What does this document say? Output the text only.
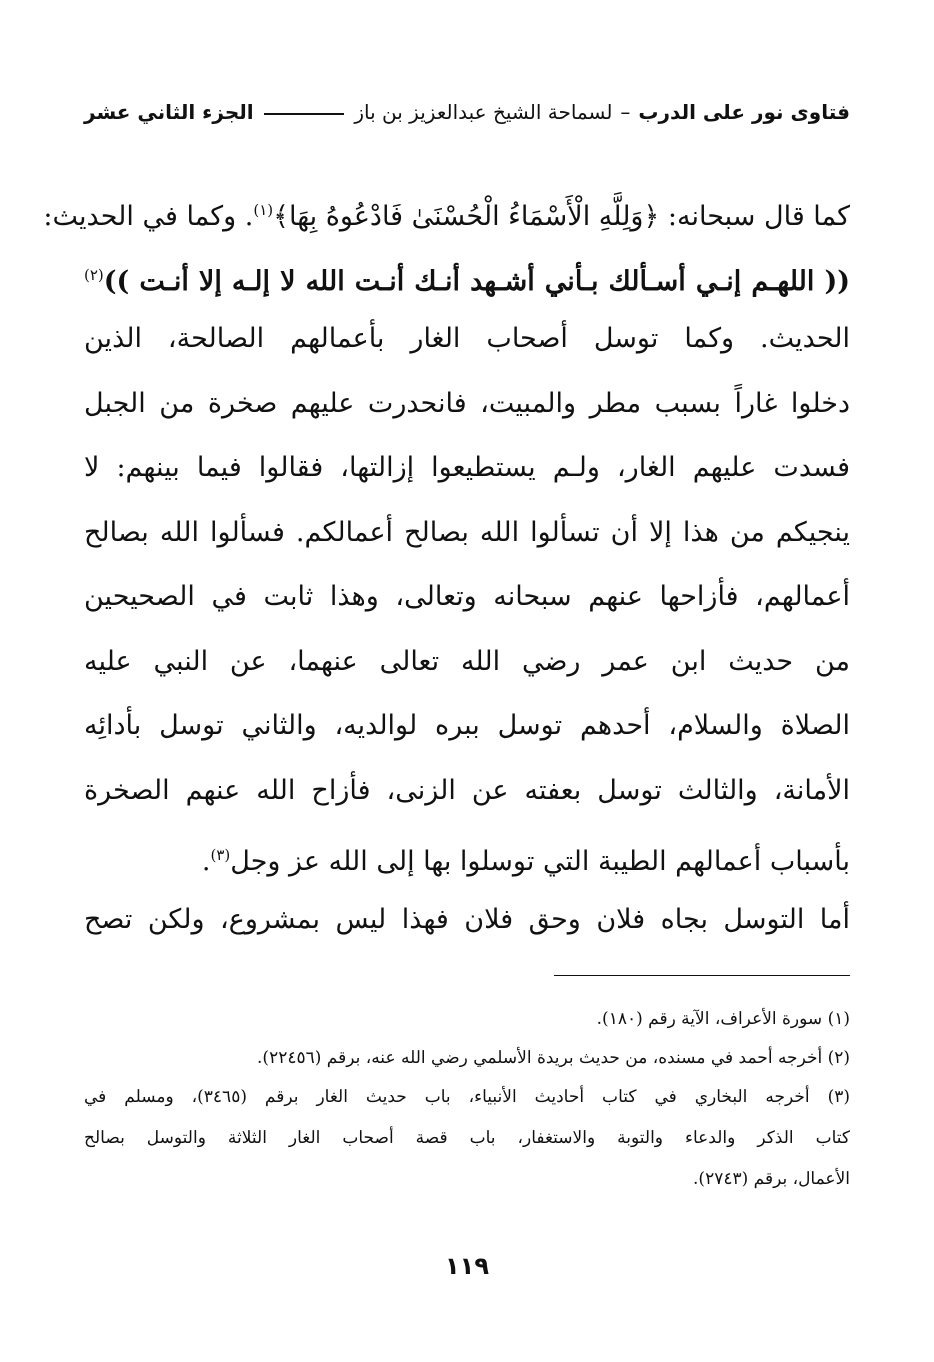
فتاوى نور على الدرب
–
لسماحة الشيخ عبدالعزيز بن باز
الجزء الثاني عشر
كما قال سبحانه: ﴿وَلِلَّهِ الْأَسْمَاءُ الْحُسْنَىٰ فَادْعُوهُ بِهَا﴾$^{(١)}$. وكما في الحديث:
(( اللهـم إنـي أسـألك بـأني أشـهد أنـك أنـت الله لا إلـه إلا أنـت ))$^{(٢)}$
الحديث. وكما توسل أصحاب الغار بأعمالهم الصالحة، الذين
دخلوا غاراً بسبب مطر والمبيت، فانحدرت عليهم صخرة من الجبل
فسدت عليهم الغار، ولـم يستطيعوا إزالتها، فقالوا فيما بينهم: لا
ينجيكم من هذا إلا أن تسألوا الله بصالح أعمالكم. فسألوا الله بصالح
أعمالهم، فأزاحها عنهم سبحانه وتعالى، وهذا ثابت في الصحيحين
من حديث ابن عمر رضي الله تعالى عنهما، عن النبي عليه
الصلاة والسلام، أحدهم توسل ببره لوالديه، والثاني توسل بأدائِه
الأمانة، والثالث توسل بعفته عن الزنى، فأزاح الله عنهم الصخرة
بأسباب أعمالهم الطيبة التي توسلوا بها إلى الله عز وجل$^{(٣)}$.
أما التوسل بجاه فلان وحق فلان فهذا ليس بمشروع، ولكن تصح
(١) سورة الأعراف، الآية رقم (١٨٠).
(٢) أخرجه أحمد في مسنده، من حديث بريدة الأسلمي رضي الله عنه، برقم (٢٢٤٥٦).
(٣) أخرجه البخاري في كتاب أحاديث الأنبياء، باب حديث الغار برقم (٣٤٦٥)، ومسلم في
كتاب الذكر والدعاء والتوبة والاستغفار، باب قصة أصحاب الغار الثلاثة والتوسل بصالح
الأعمال، برقم (٢٧٤٣).
١١٩
